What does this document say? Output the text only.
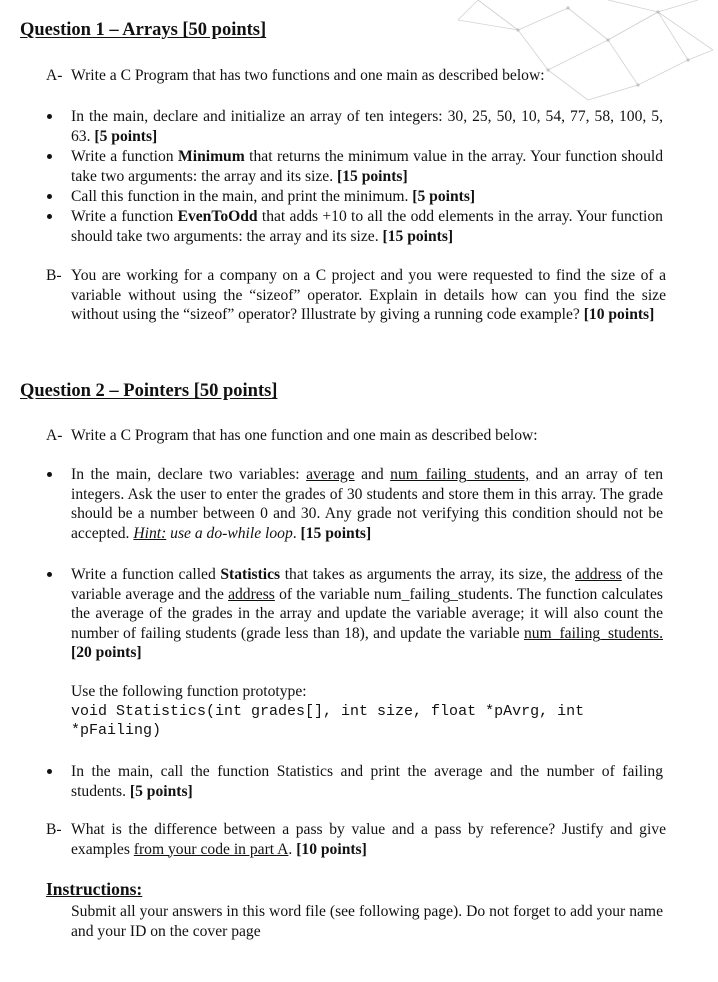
Question 1 – Arrays [50 points]
A- Write a C Program that has two functions and one main as described below:
In the main, declare and initialize an array of ten integers: 30, 25, 50, 10, 54, 77, 58, 100, 5, 63. [5 points]
Write a function Minimum that returns the minimum value in the array. Your function should take two arguments: the array and its size. [15 points]
Call this function in the main, and print the minimum. [5 points]
Write a function EvenToOdd that adds +10 to all the odd elements in the array. Your function should take two arguments: the array and its size. [15 points]
B- You are working for a company on a C project and you were requested to find the size of a variable without using the “sizeof” operator. Explain in details how can you find the size without using the “sizeof” operator? Illustrate by giving a running code example? [10 points]
Question 2 – Pointers [50 points]
A- Write a C Program that has one function and one main as described below:
In the main, declare two variables: average and num_failing_students, and an array of ten integers. Ask the user to enter the grades of 30 students and store them in this array. The grade should be a number between 0 and 30. Any grade not verifying this condition should not be accepted. Hint: use a do-while loop. [15 points]
Write a function called Statistics that takes as arguments the array, its size, the address of the variable average and the address of the variable num_failing_students. The function calculates the average of the grades in the array and update the variable average; it will also count the number of failing students (grade less than 18), and update the variable num_failing_students. [20 points]
Use the following function prototype:
void Statistics(int grades[], int size, float *pAvrg, int
*pFailing)
In the main, call the function Statistics and print the average and the number of failing students. [5 points]
B- What is the difference between a pass by value and a pass by reference? Justify and give examples from your code in part A. [10 points]
Instructions:
Submit all your answers in this word file (see following page). Do not forget to add your name and your ID on the cover page
